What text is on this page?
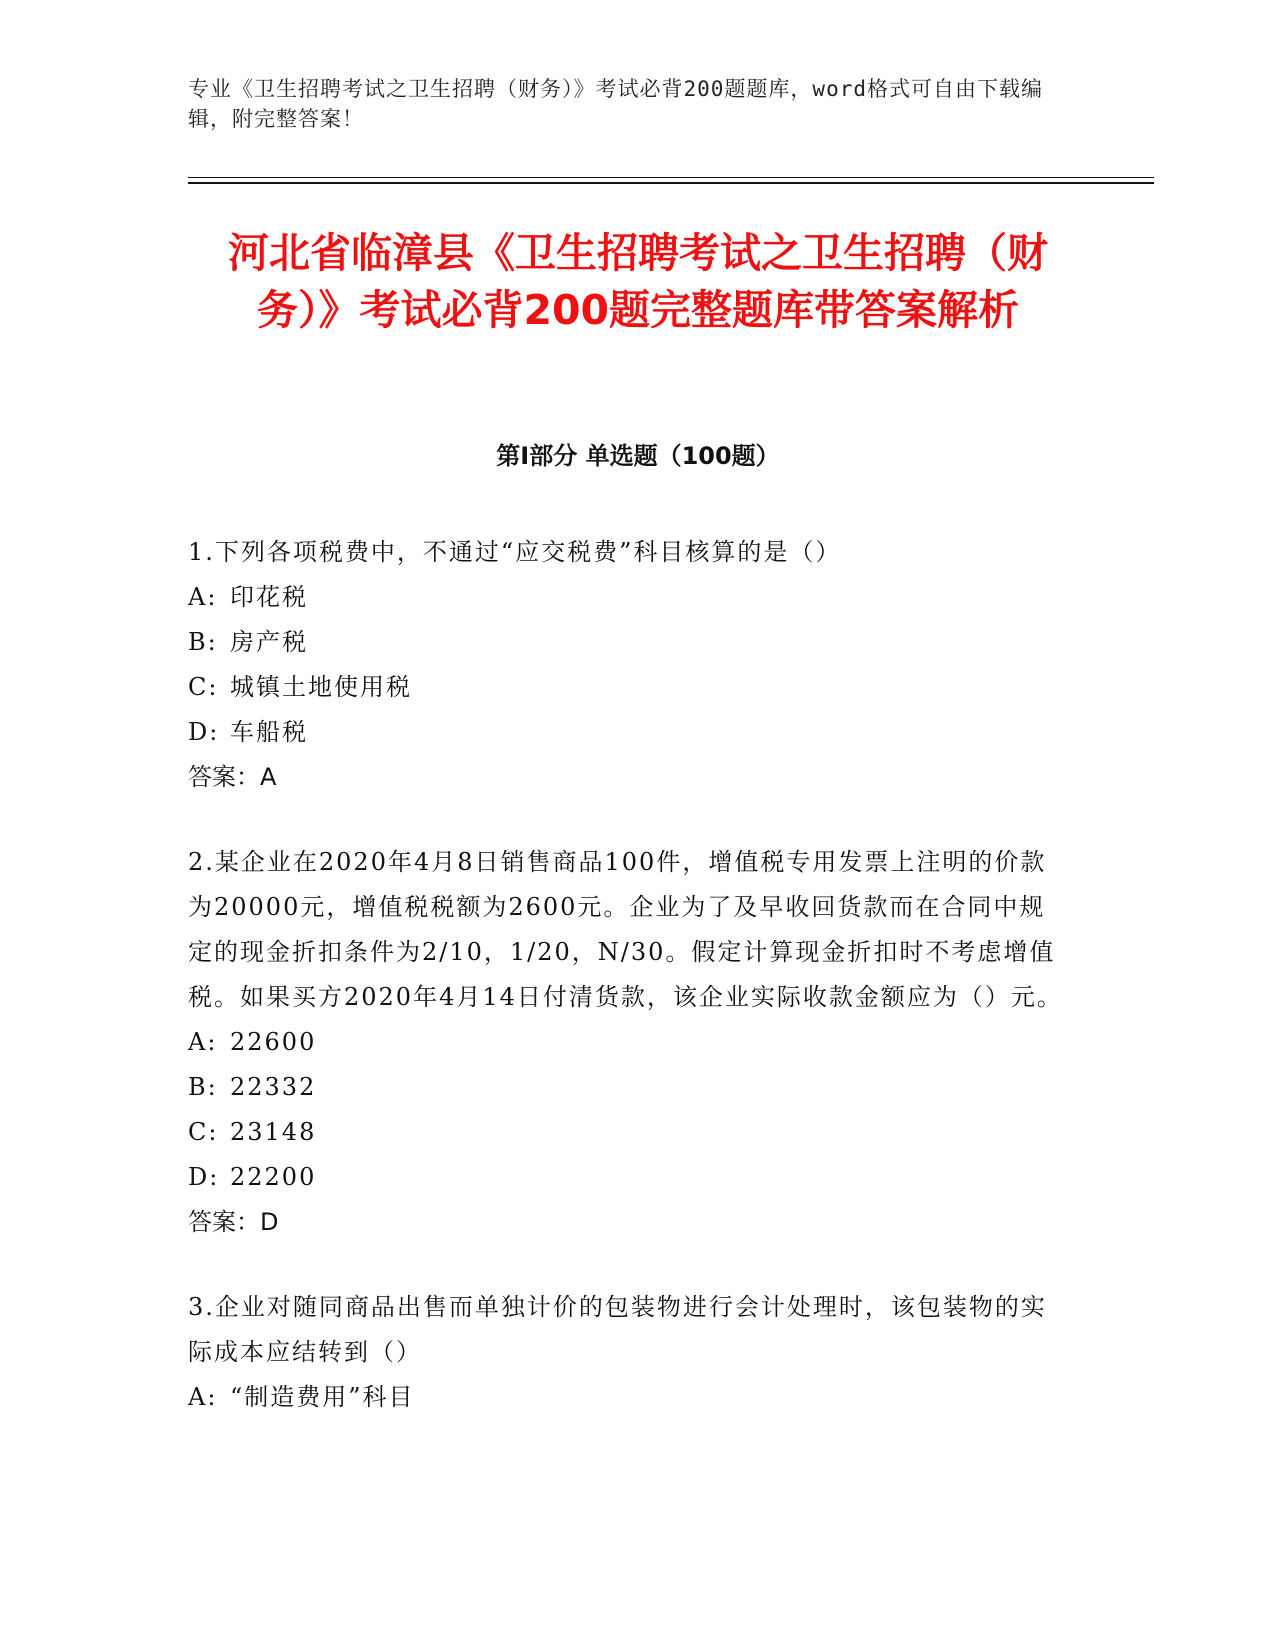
专业《卫生招聘考试之卫生招聘（财务）》考试必背200题题库，word格式可自由下载编辑，附完整答案！
河北省临漳县《卫生招聘考试之卫生招聘（财务）》考试必背200题完整题库带答案解析
第Ⅰ部分 单选题（100题）

1.下列各项税费中，不通过“应交税费”科目核算的是（）

A: 印花税
B: 房产税
C: 城镇土地使用税
D: 车船税

答案：A

2.某企业在2020年4月8日销售商品100件，增值税专用发票上注明的价款为20000元，增值税税额为2600元。企业为了及早收回货款而在合同中规定的现金折扣条件为2/10，1/20，N/30。假定计算现金折扣时不考虑增值税。如果买方2020年4月14日付清货款，该企业实际收款金额应为（）元。

A: 22600
B: 22332
C: 23148
D: 22200

答案：D

3.企业对随同商品出售而单独计价的包装物进行会计处理时，该包装物的实际成本应结转到（）

A: “制造费用”科目
